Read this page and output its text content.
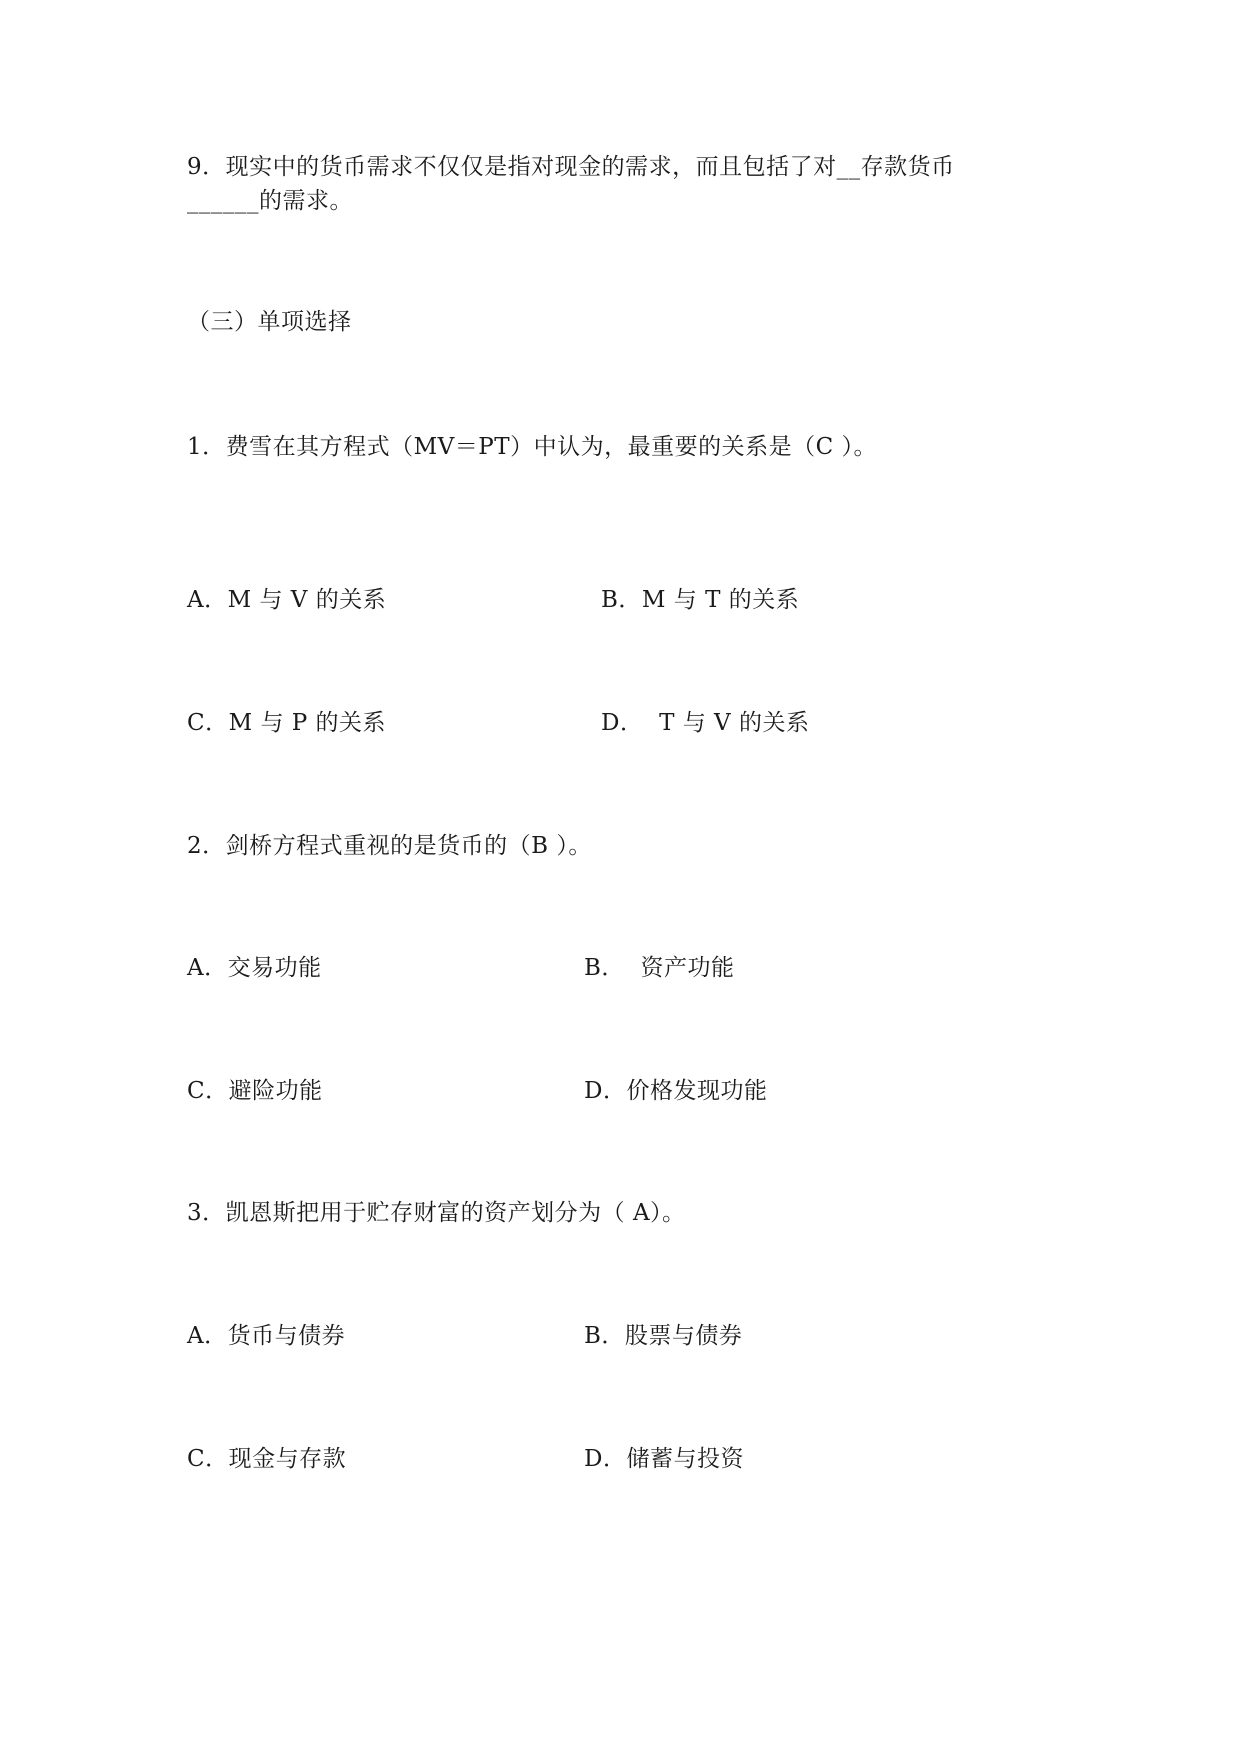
9．现实中的货币需求不仅仅是指对现金的需求，而且包括了对__存款货币
______的需求。
（三）单项选择
1．费雪在其方程式（MV＝PT）中认为，最重要的关系是（C ）。
A．M 与 V 的关系	B．M 与 T 的关系
C．M 与 P 的关系	D．  T 与 V 的关系
2．剑桥方程式重视的是货币的（B ）。
A．交易功能	B．  资产功能
C．避险功能	D．价格发现功能
3．凯恩斯把用于贮存财富的资产划分为（ A）。
A．货币与债券	B．股票与债券
C．现金与存款	D．储蓄与投资
